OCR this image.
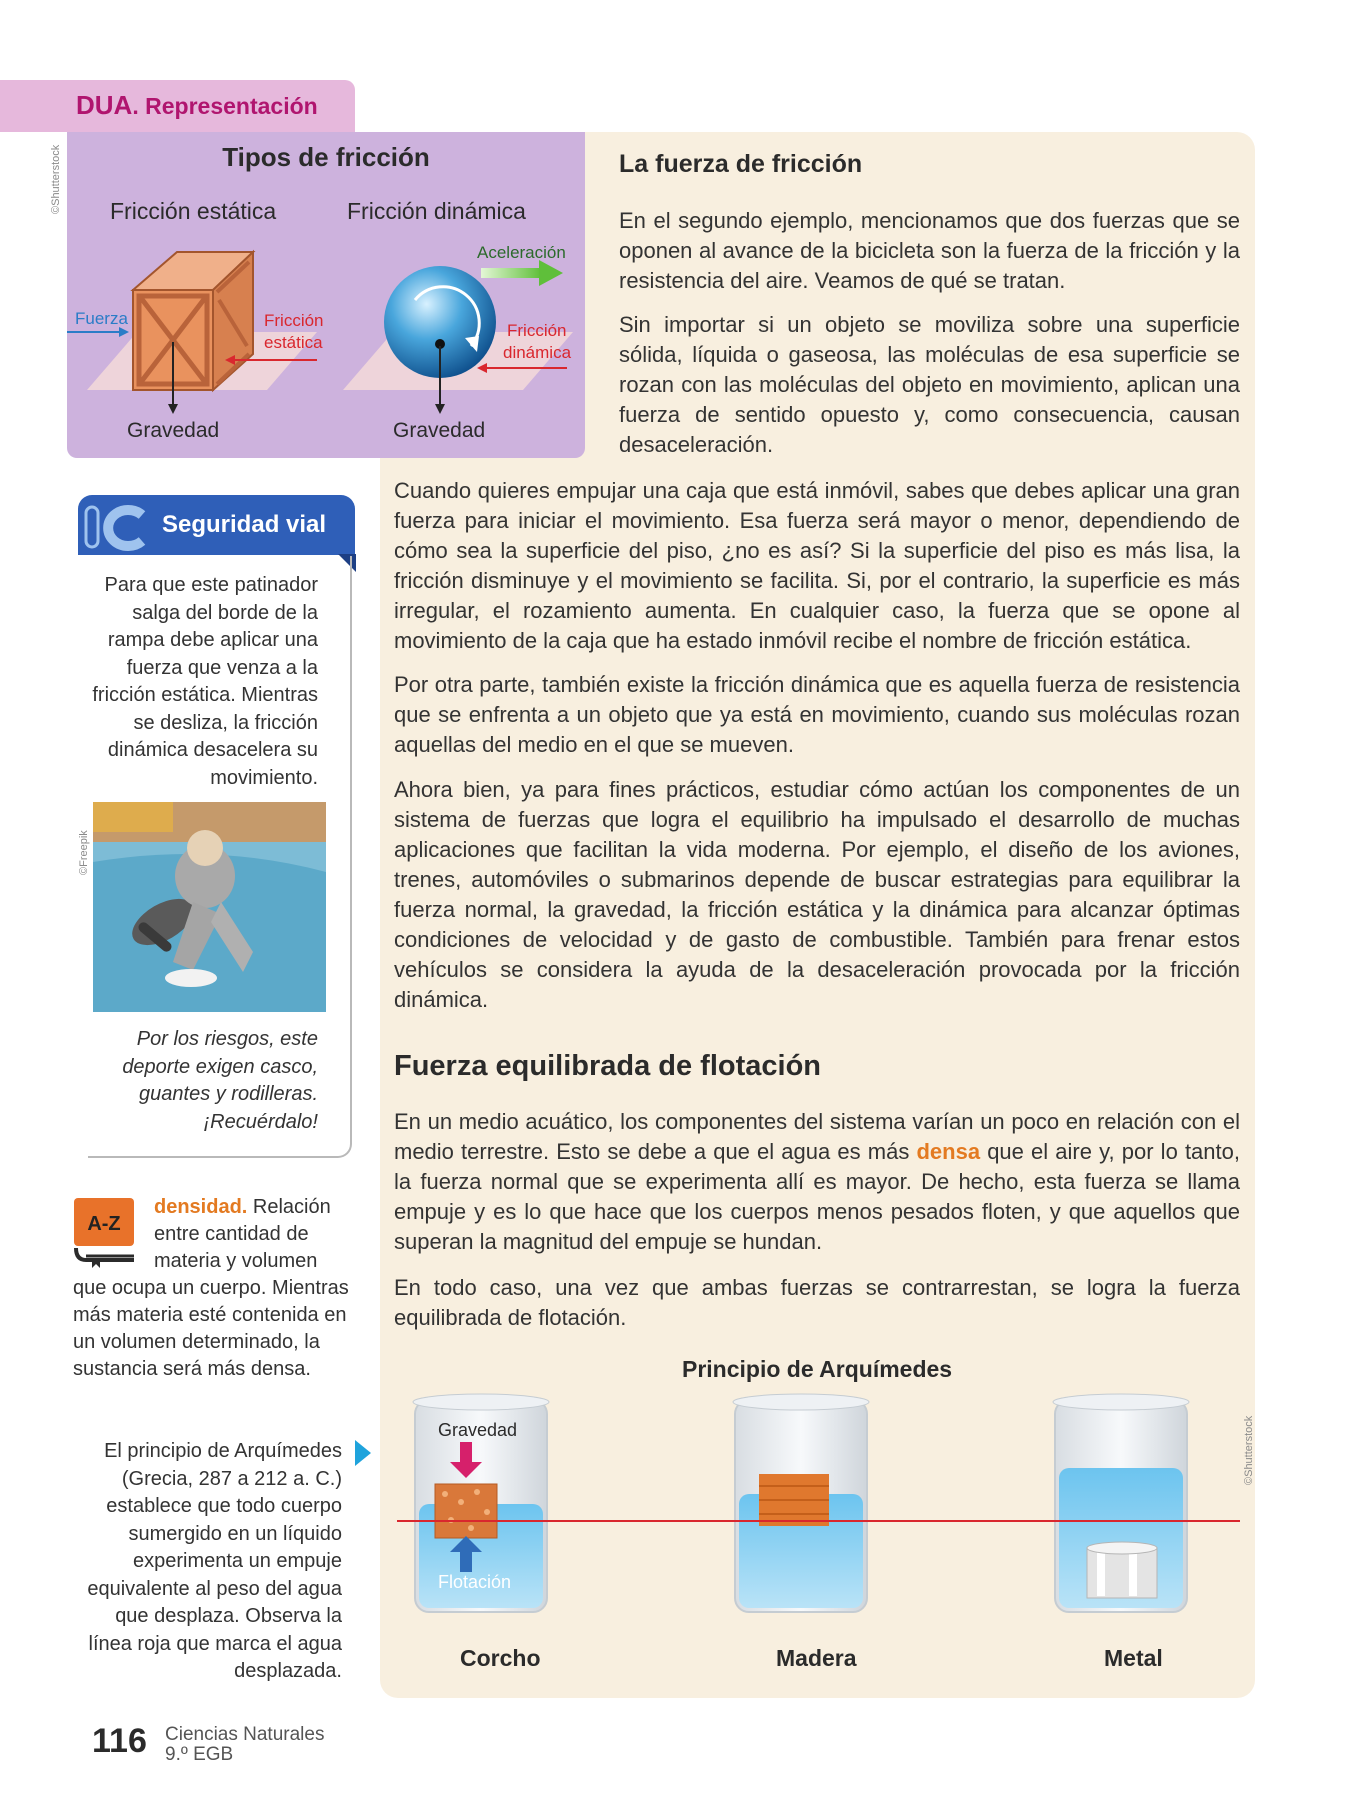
DUA. Representación
©Shutterstock	Tipos de fricción
Fricción estática	Fricción dinámica
Fuerza	Fricción
estática
Aceleración
Fricción
dinámica
Gravedad	Gravedad
La fuerza de fricción
En el segundo ejemplo, mencionamos que dos fuerzas que se oponen al avance de la bicicleta son la fuerza de la fricción y la resistencia del aire. Veamos de qué se tratan.
Sin importar si un objeto se moviliza sobre una superficie sólida, líquida o gaseosa, las moléculas de esa superficie se rozan con las moléculas del objeto en movimiento, aplican una fuerza de sentido opuesto y, como consecuencia, causan desaceleración.
Cuando quieres empujar una caja que está inmóvil, sabes que debes aplicar una gran fuerza para iniciar el movimiento. Esa fuerza será mayor o menor, dependiendo de cómo sea la superficie del piso, ¿no es así? Si la superficie del piso es más lisa, la fricción disminuye y el movimiento se facilita. Si, por el contrario, la superficie es más irregular, el rozamiento aumenta. En cualquier caso, la fuerza que se opone al movimiento de la caja que ha estado inmóvil recibe el nombre de fricción estática.
Por otra parte, también existe la fricción dinámica que es aquella fuerza de resistencia que se enfrenta a un objeto que ya está en movimiento, cuando sus moléculas rozan aquellas del medio en el que se mueven.
Ahora bien, ya para fines prácticos, estudiar cómo actúan los componentes de un sistema de fuerzas que logra el equilibrio ha impulsado el desarrollo de muchas aplicaciones que facilitan la vida moderna. Por ejemplo, el diseño de los aviones, trenes, automóviles o submarinos depende de buscar estrategias para equilibrar la fuerza normal, la gravedad, la fricción estática y la dinámica para alcanzar óptimas condiciones de velocidad y de gasto de combustible. También para frenar estos vehículos se considera la ayuda de la desaceleración provocada por la fricción dinámica.
Fuerza equilibrada de flotación
En un medio acuático, los componentes del sistema varían un poco en relación con el medio terrestre. Esto se debe a que el agua es más densa que el aire y, por lo tanto, la fuerza normal que se experimenta allí es mayor. De hecho, esta fuerza se llama empuje y es lo que hace que los cuerpos menos pesados floten, y que aquellos que superan la magnitud del empuje se hundan.
En todo caso, una vez que ambas fuerzas se contrarrestan, se logra la fuerza equilibrada de flotación.
Principio de Arquímedes
Gravedad
Flotación
Corcho	Madera	Metal
©Shutterstock
Seguridad vial
Para que este patinador
salga del borde de la
rampa debe aplicar una
fuerza que venza a la
fricción estática. Mientras
se desliza, la fricción
dinámica desacelera su
movimiento.
©Freepik
Por los riesgos, este
deporte exigen casco,
guantes y rodilleras.
¡Recuérdalo!
A-Z
densidad. Relación
entre cantidad de
materia y volumen
que ocupa un cuerpo. Mientras más materia esté contenida en un volumen determinado, la sustancia será más densa.
El principio de Arquímedes (Grecia, 287 a 212 a. C.) establece que todo cuerpo sumergido en un líquido experimenta un empuje equivalente al peso del agua que desplaza. Observa la línea roja que marca el agua desplazada.
116 Ciencias Naturales
9.º EGB
